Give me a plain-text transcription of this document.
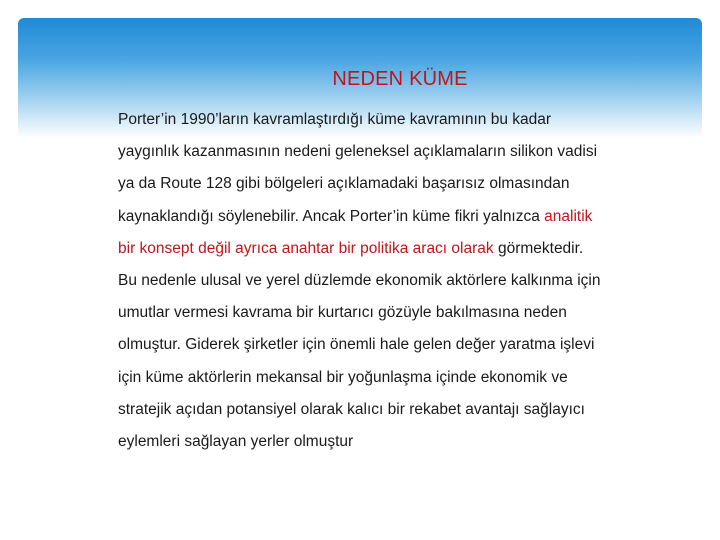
NEDEN KÜME
Porter’in 1990’ların kavramlaştırdığı küme kavramının bu kadar
yaygınlık kazanmasının nedeni geleneksel açıklamaların silikon vadisi
ya da Route 128 gibi bölgeleri açıklamadaki başarısız olmasından
kaynaklandığı söylenebilir. Ancak Porter’in küme fikri yalnızca analitik
bir konsept değil ayrıca anahtar bir politika aracı olarak görmektedir.
Bu nedenle ulusal ve yerel düzlemde ekonomik aktörlere kalkınma için
umutlar vermesi kavrama bir kurtarıcı gözüyle bakılmasına neden
olmuştur. Giderek şirketler için önemli hale gelen değer yaratma işlevi
için küme aktörlerin mekansal bir yoğunlaşma içinde ekonomik ve
stratejik açıdan potansiyel olarak kalıcı bir rekabet avantajı sağlayıcı
eylemleri sağlayan yerler olmuştur
